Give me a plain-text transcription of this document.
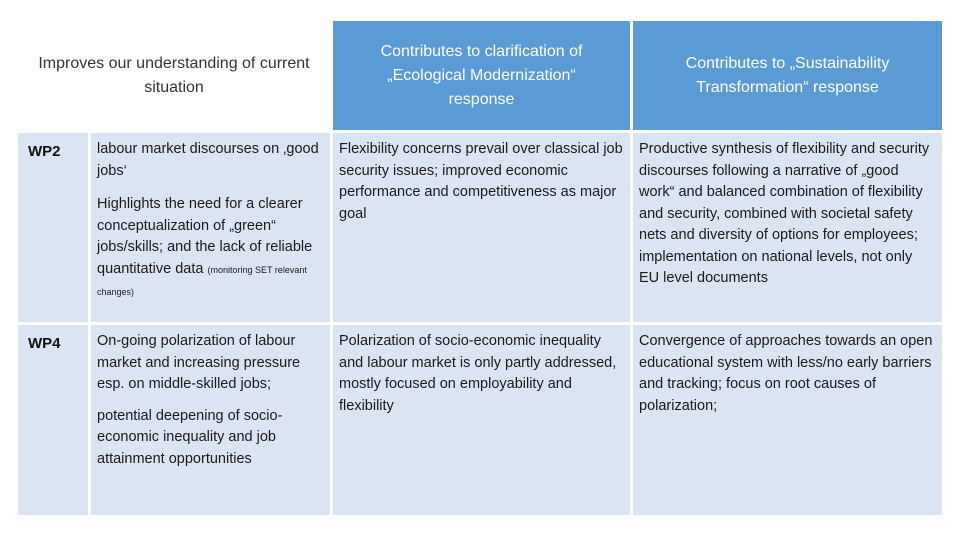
Improves our understanding of current situation
Contributes to clarification of „Ecological Modernization“ response
Contributes to „Sustainability Transformation“ response
WP2	labour market discourses on ‚good jobs‘

Highlights the need for a clearer conceptualization of „green“ jobs/skills; and the lack of reliable quantitative data (monitoring SET relevant changes)

Flexibility concerns prevail over classical job security issues; improved economic performance and competitiveness as major goal

Productive synthesis of flexibility and security discourses following a narrative of „good work“ and balanced combination of flexibility and security, combined with societal safety nets and diversity of options for employees; implementation on national levels, not only EU level documents

WP4	On-going polarization of labour market and increasing pressure esp. on middle-skilled jobs;

potential deepening of socio-economic inequality and job attainment opportunities

Polarization of socio-economic inequality and labour market is only partly addressed, mostly focused on employability and flexibility

Convergence of approaches towards an open educational system with less/no early barriers and tracking; focus on root causes of polarization;
